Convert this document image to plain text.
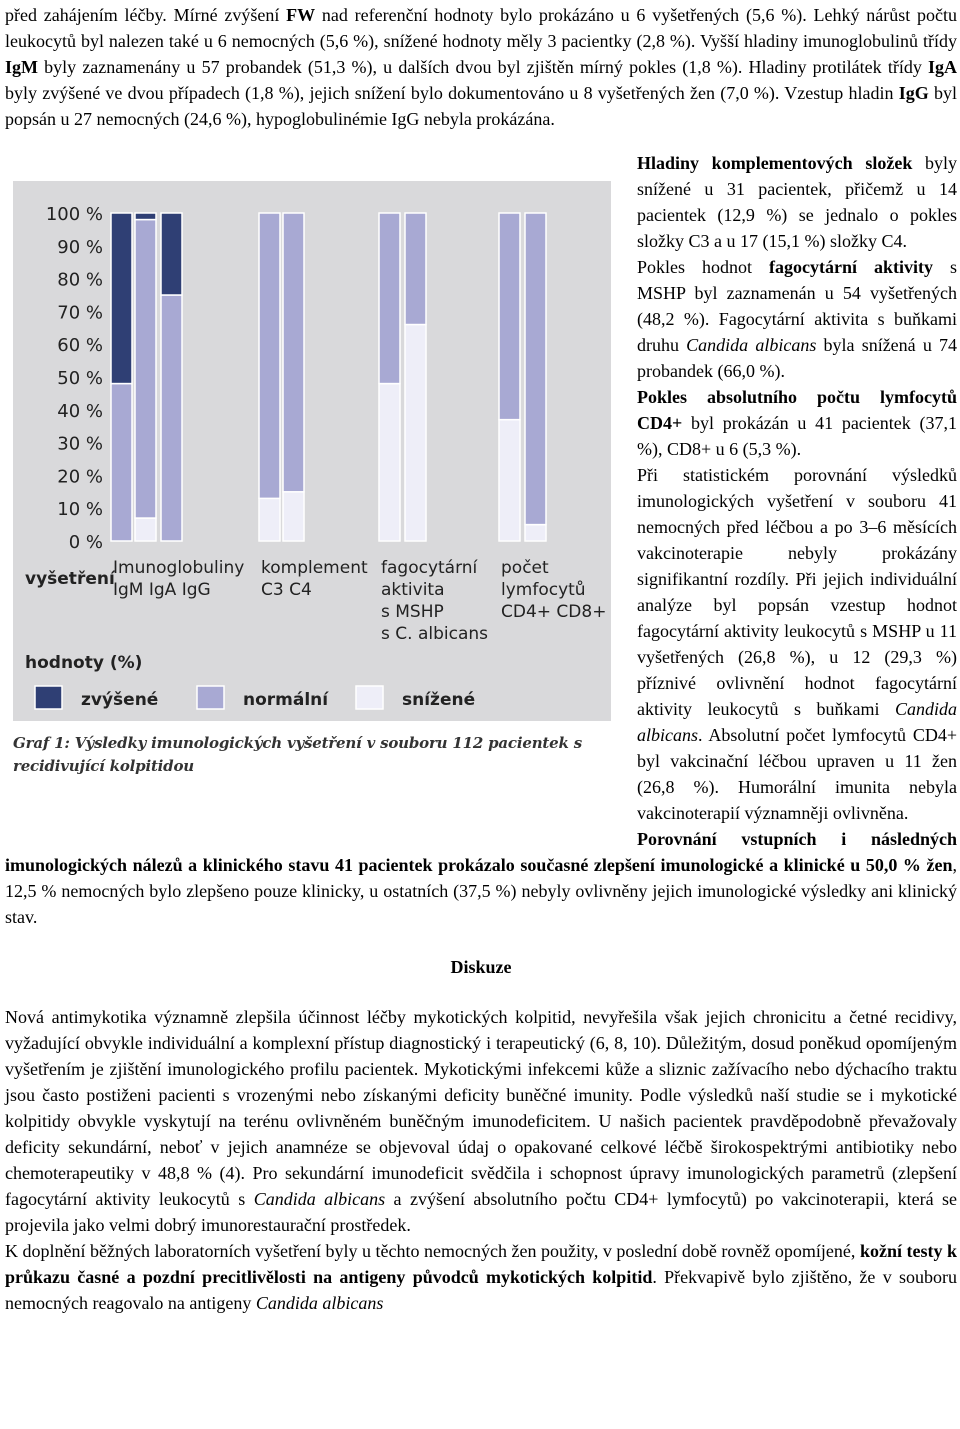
před zahájením léčby. Mírné zvýšení FW nad referenční hodnoty bylo prokázáno u 6 vyšetřených (5,6 %). Lehký nárůst počtu leukocytů byl nalezen také u 6 nemocných (5,6 %), snížené hodnoty měly 3 pacientky (2,8 %). Vyšší hladiny imunoglobulinů třídy IgM byly zaznamenány u 57 probandek (51,3 %), u dalších dvou byl zjištěn mírný pokles (1,8 %). Hladiny protilátek třídy IgA byly zvýšené ve dvou případech (1,8 %), jejich snížení bylo dokumentováno u 8 vyšetřených žen (7,0 %). Vzestup hladin IgG byl popsán u 27 nemocných (24,6 %), hypoglobulinémie IgG nebyla prokázána.

100 %
90 %
80 %
70 %
60 %
50 %
40 %
30 %
20 %
10 %
0 %
Imunoglobuliny
IgM IgA IgG
komplement
C3 C4
fagocytární
aktivita
s MSHP
s C. albicans
počet
lymfocytů
CD4+ CD8+
vyšetření
hodnoty (%)
zvýšené	normální	snížené
Graf 1: Výsledky imunologických vyšetření v souboru 112 pacientek s recidivující kolpitidou

Hladiny komplementových složek byly snížené u 31 pacientek, přičemž u 14 pacientek (12,9 %) se jednalo o pokles složky C3 a u 17 (15,1 %) složky C4.

Pokles hodnot fagocytární aktivity s MSHP byl zaznamenán u 54 vyšetřených (48,2 %). Fagocytární aktivita s buňkami druhu Candida albicans byla snížená u 74 probandek (66,0 %).

Pokles absolutního počtu lymfocytů CD4+ byl prokázán u 41 pacientek (37,1 %), CD8+ u 6 (5,3 %).

Při statistickém porovnání výsledků imunologických vyšetření v souboru 41 nemocných před léčbou a po 3–6 měsících vakcinoterapie nebyly prokázány signifikantní rozdíly. Při jejich individuální analýze byl popsán vzestup hodnot fagocytární aktivity leukocytů s MSHP u 11 vyšetřených (26,8 %), u 12 (29,3 %) příznivé ovlivnění hodnot fagocytární aktivity leukocytů s buňkami Candida albicans. Absolutní počet lymfocytů CD4+ byl vakcinační léčbou upraven u 11 žen (26,8 %). Humorální imunita nebyla vakcinoterapií významněji ovlivněna.

Porovnání vstupních i následných imunologických nálezů a klinického stavu 41 pacientek prokázalo současné zlepšení imunologické a klinické u 50,0 % žen, 12,5 % nemocných bylo zlepšeno pouze klinicky, u ostatních (37,5 %) nebyly ovlivněny jejich imunologické výsledky ani klinický stav.

Diskuze

Nová antimykotika významně zlepšila účinnost léčby mykotických kolpitid, nevyřešila však jejich chronicitu a četné recidivy, vyžadující obvykle individuální a komplexní přístup diagnostický i terapeutický (6, 8, 10). Důležitým, dosud poněkud opomíjeným vyšetřením je zjištění imunologického profilu pacientek. Mykotickými infekcemi kůže a sliznic zažívacího nebo dýchacího traktu jsou často postiženi pacienti s vrozenými nebo získanými deficity buněčné imunity. Podle výsledků naší studie se i mykotické kolpitidy obvykle vyskytují na terénu ovlivněném buněčným imunodeficitem. U našich pacientek pravděpodobně převažovaly deficity sekundární, neboť v jejich anamnéze se objevoval údaj o opakované celkové léčbě širokospektrými antibiotiky nebo chemoterapeutiky v 48,8 % (4). Pro sekundární imunodeficit svědčila i schopnost úpravy imunologických parametrů (zlepšení fagocytární aktivity leukocytů s Candida albicans a zvýšení absolutního počtu CD4+ lymfocytů) po vakcinoterapii, která se projevila jako velmi dobrý imunorestaurační prostředek.

K doplnění běžných laboratorních vyšetření byly u těchto nemocných žen použity, v poslední době rovněž opomíjené, kožní testy k průkazu časné a pozdní precitlivělosti na antigeny původců mykotických kolpitid. Překvapivě bylo zjištěno, že v souboru nemocných reagovalo na antigeny Candida albicans
